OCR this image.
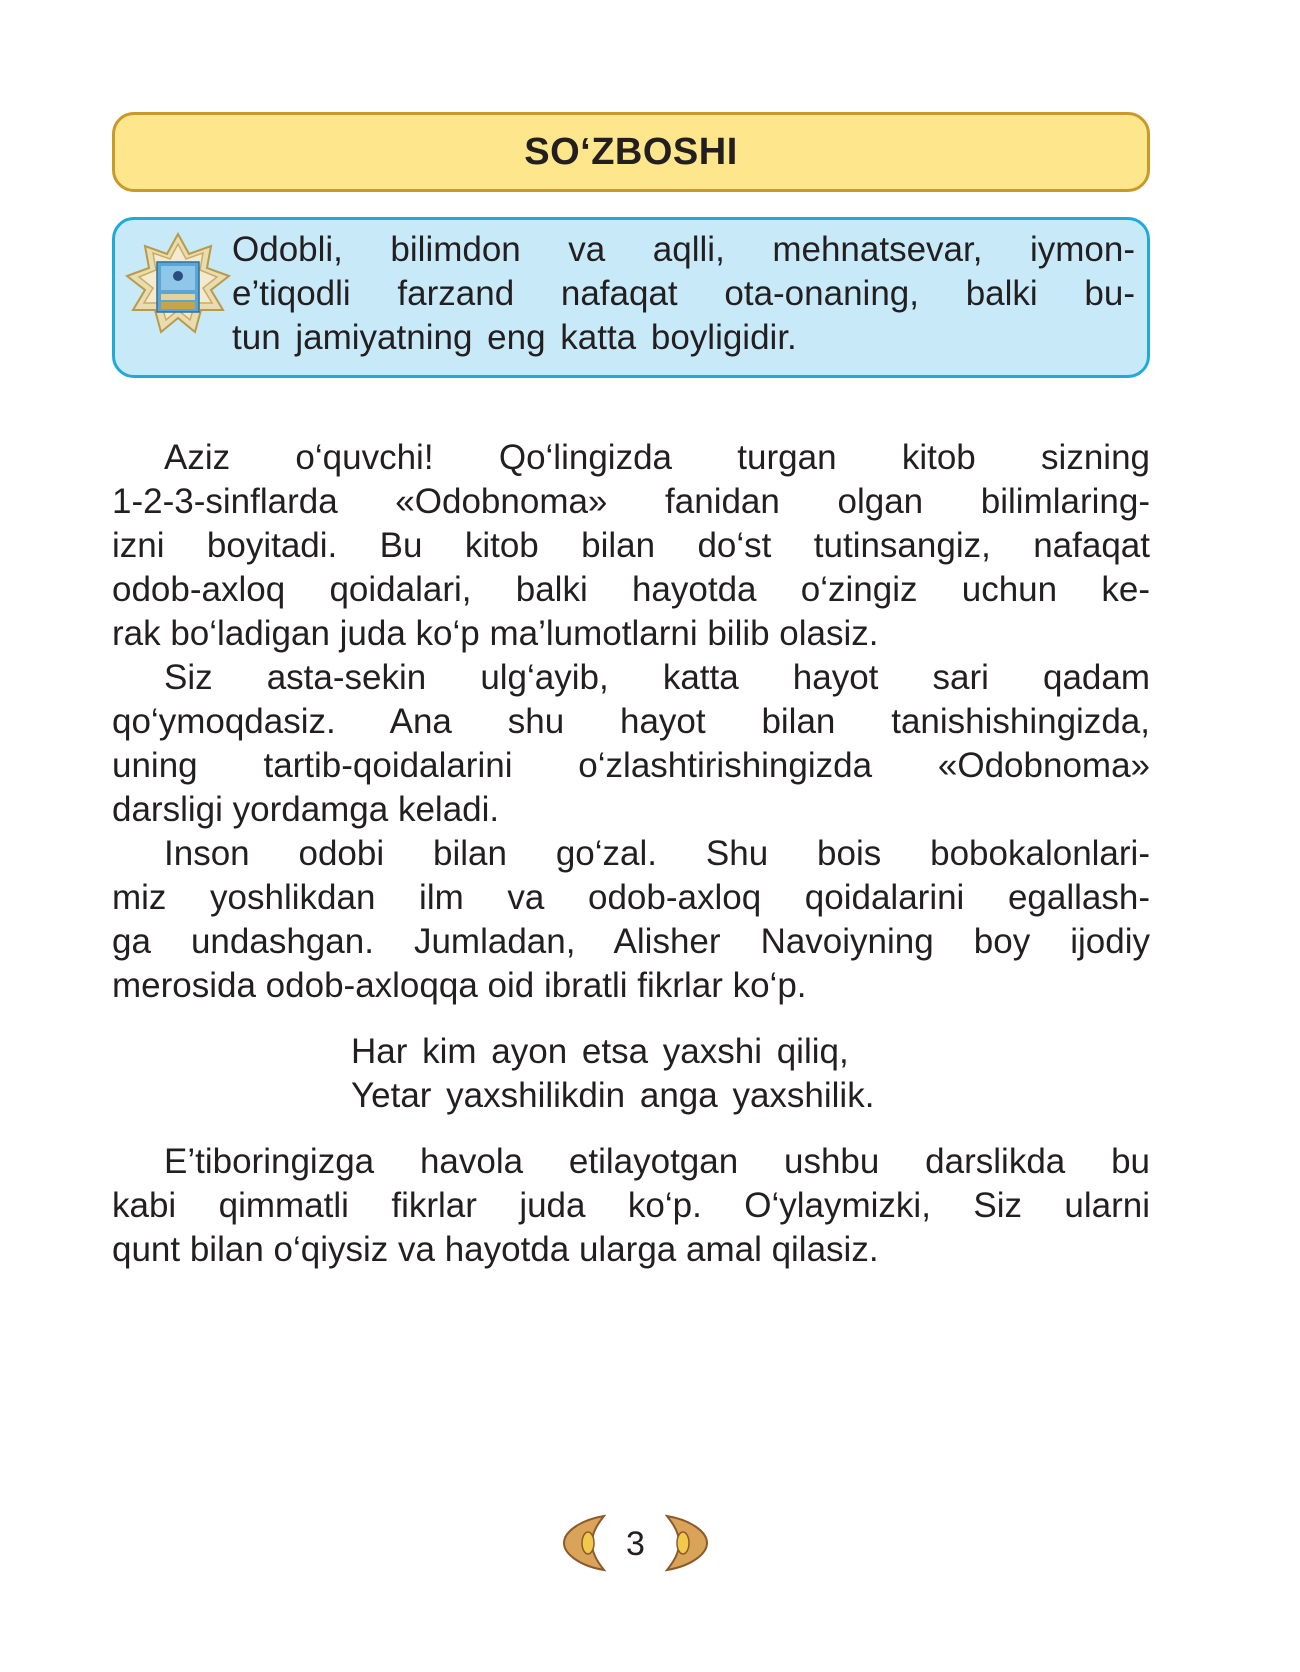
SO‘ZBOSHI
Odobli, bilimdon va aqlli, mehnatsevar, iymon-
e’tiqodli farzand nafaqat ota-onaning, balki bu-
tun jamiyatning eng katta boyligidir.
Aziz o‘quvchi! Qo‘lingizda turgan kitob sizning
1-2-3-sinflarda «Odobnoma» fanidan olgan bilimlaring-
izni boyitadi. Bu kitob bilan do‘st tutinsangiz, nafaqat
odob-axloq qoidalari, balki hayotda o‘zingiz uchun ke-
rak bo‘ladigan juda ko‘p ma’lumotlarni bilib olasiz.
Siz asta-sekin ulg‘ayib, katta hayot sari qadam
qo‘ymoqdasiz. Ana shu hayot bilan tanishishingizda,
uning tartib-qoidalarini o‘zlashtirishingizda «Odobnoma»
darsligi yordamga keladi.
Inson odobi bilan go‘zal. Shu bois bobokalonlari-
miz yoshlikdan ilm va odob-axloq qoidalarini egallash-
ga undashgan. Jumladan, Alisher Navoiyning boy ijodiy
merosida odob-axloqqa oid ibratli fikrlar ko‘p.
Har kim ayon etsa yaxshi qiliq,
Yetar yaxshilikdin anga yaxshilik.
E’tiboringizga havola etilayotgan ushbu darslikda bu
kabi qimmatli fikrlar juda ko‘p. O‘ylaymizki, Siz ularni
qunt bilan o‘qiysiz va hayotda ularga amal qilasiz.
3
